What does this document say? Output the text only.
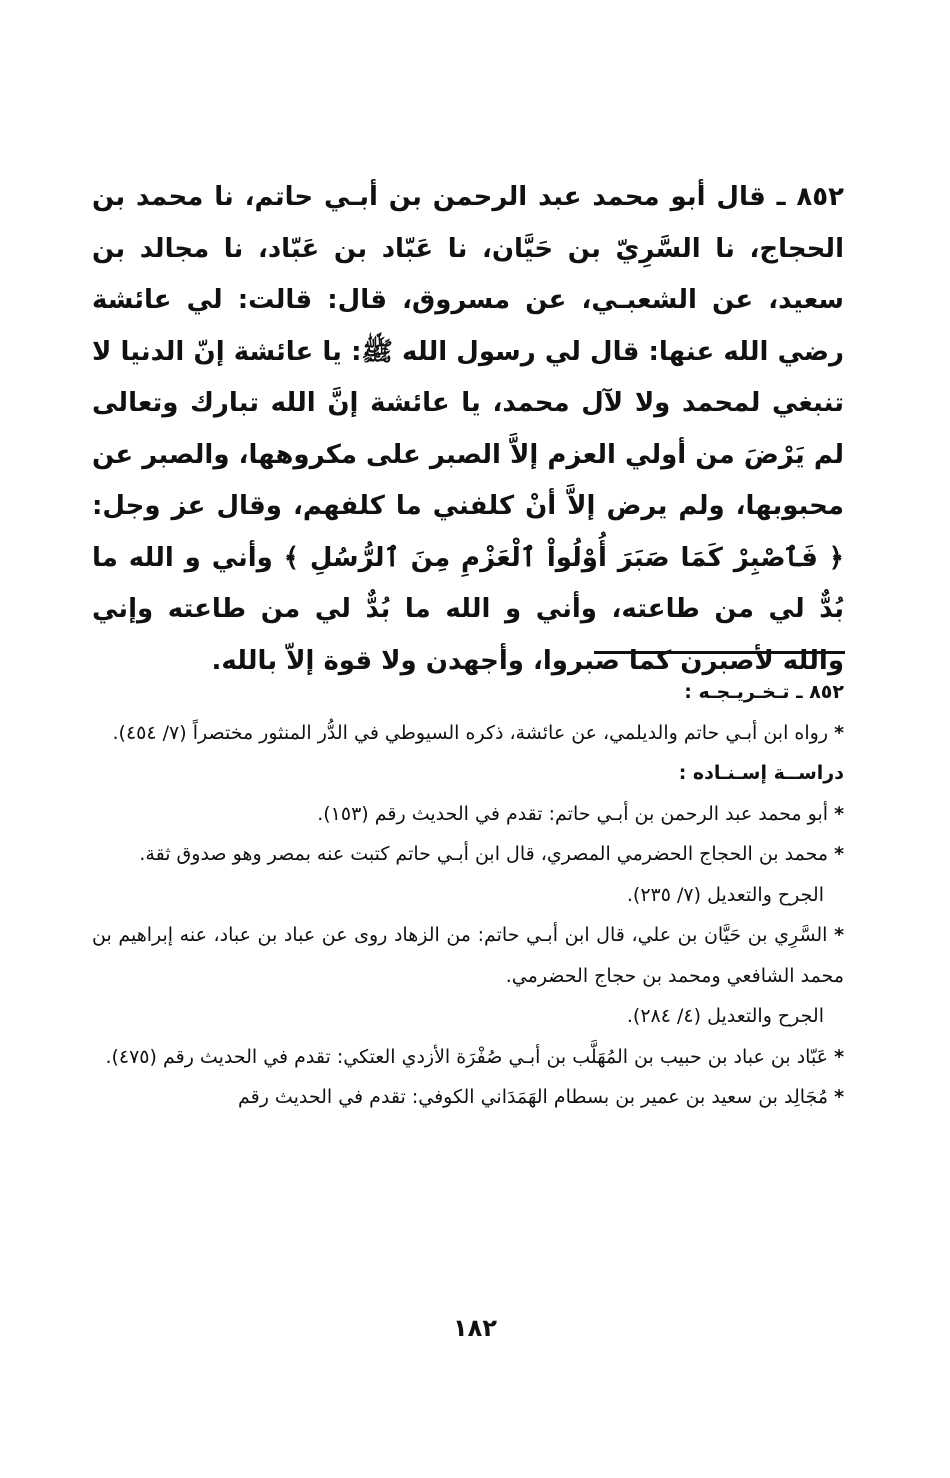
٨٥٢ ـ قال أبو محمد عبد الرحمن بن أبـي حاتم، نا محمد بن الحجاج، نا السَّرِيّ بن حَيَّان، نا عَبّاد بن عَبّاد، نا مجالد بن سعيد، عن الشعبـي، عن مسروق، قال: قالت: لي عائشة رضي الله عنها: قال لي رسول الله ﷺ: يا عائشة إنّ الدنيا لا تنبغي لمحمد ولا لآل محمد، يا عائشة إنَّ الله تبارك وتعالى لم يَرْضَ من أولي العزم إلاَّ الصبر على مكروهها، والصبر عن محبوبها، ولم يرض إلاَّ أنْ كلفني ما كلفهم، وقال عز وجل: ﴿ فَٱصْبِرْ كَمَا صَبَرَ أُوْلُواْ ٱلْعَزْمِ مِنَ ٱلرُّسُلِ ﴾ وأني و الله ما بُدٌّ لي من طاعته، وأني و الله ما بُدٌّ لي من طاعته وإني والله لأصبرن كما صبروا، وأجهدن ولا قوة إلاّ بالله.

٨٥٢ ـ تـخـريـجـه :

* رواه ابن أبـي حاتم والديلمي، عن عائشة، ذكره السيوطي في الدُّر المنثور مختصراً (٧/ ٤٥٤).

دراســة إسـنـاده :

* أبو محمد عبد الرحمن بن أبـي حاتم: تقدم في الحديث رقم (١٥٣).

* محمد بن الحجاج الحضرمي المصري، قال ابن أبـي حاتم كتبت عنه بمصر وهو صدوق ثقة.

الجرح والتعديل (٧/ ٢٣٥).

* السَّرِي بن حَيَّان بن علي، قال ابن أبـي حاتم: من الزهاد روى عن عباد بن عباد، عنه إبراهيم بن محمد الشافعي ومحمد بن حجاج الحضرمي.

الجرح والتعديل (٤/ ٢٨٤).

* عَبّاد بن عباد بن حبيب بن المُهَلَّب بن أبـي صُفْرَة الأزدي العتكي: تقدم في الحديث رقم (٤٧٥).

* مُجَالِد بن سعيد بن عمير بن بسطام الهَمَدَاني الكوفي: تقدم في الحديث رقم

١٨٢
